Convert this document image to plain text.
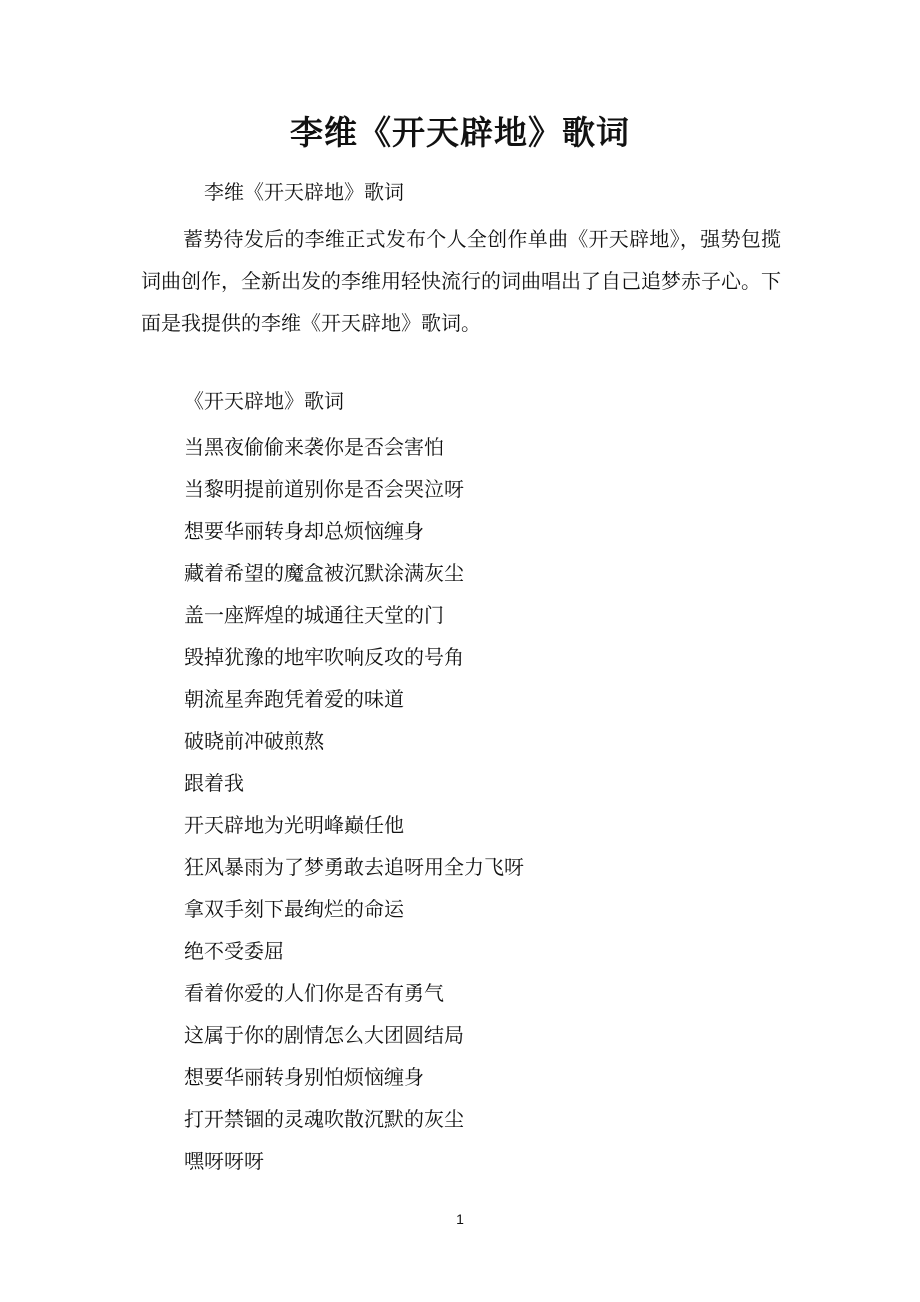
李维《开天辟地》歌词
李维《开天辟地》歌词
蓄势待发后的李维正式发布个人全创作单曲《开天辟地》，强势包揽词曲创作，全新出发的李维用轻快流行的词曲唱出了自己追梦赤子心。下面是我提供的李维《开天辟地》歌词。
《开天辟地》歌词
当黑夜偷偷来袭你是否会害怕
当黎明提前道别你是否会哭泣呀
想要华丽转身却总烦恼缠身
藏着希望的魔盒被沉默涂满灰尘
盖一座辉煌的城通往天堂的门
毁掉犹豫的地牢吹响反攻的号角
朝流星奔跑凭着爱的味道
破晓前冲破煎熬
跟着我
开天辟地为光明峰巅任他
狂风暴雨为了梦勇敢去追呀用全力飞呀
拿双手刻下最绚烂的命运
绝不受委屈
看着你爱的人们你是否有勇气
这属于你的剧情怎么大团圆结局
想要华丽转身别怕烦恼缠身
打开禁锢的灵魂吹散沉默的灰尘
嘿呀呀呀
1
